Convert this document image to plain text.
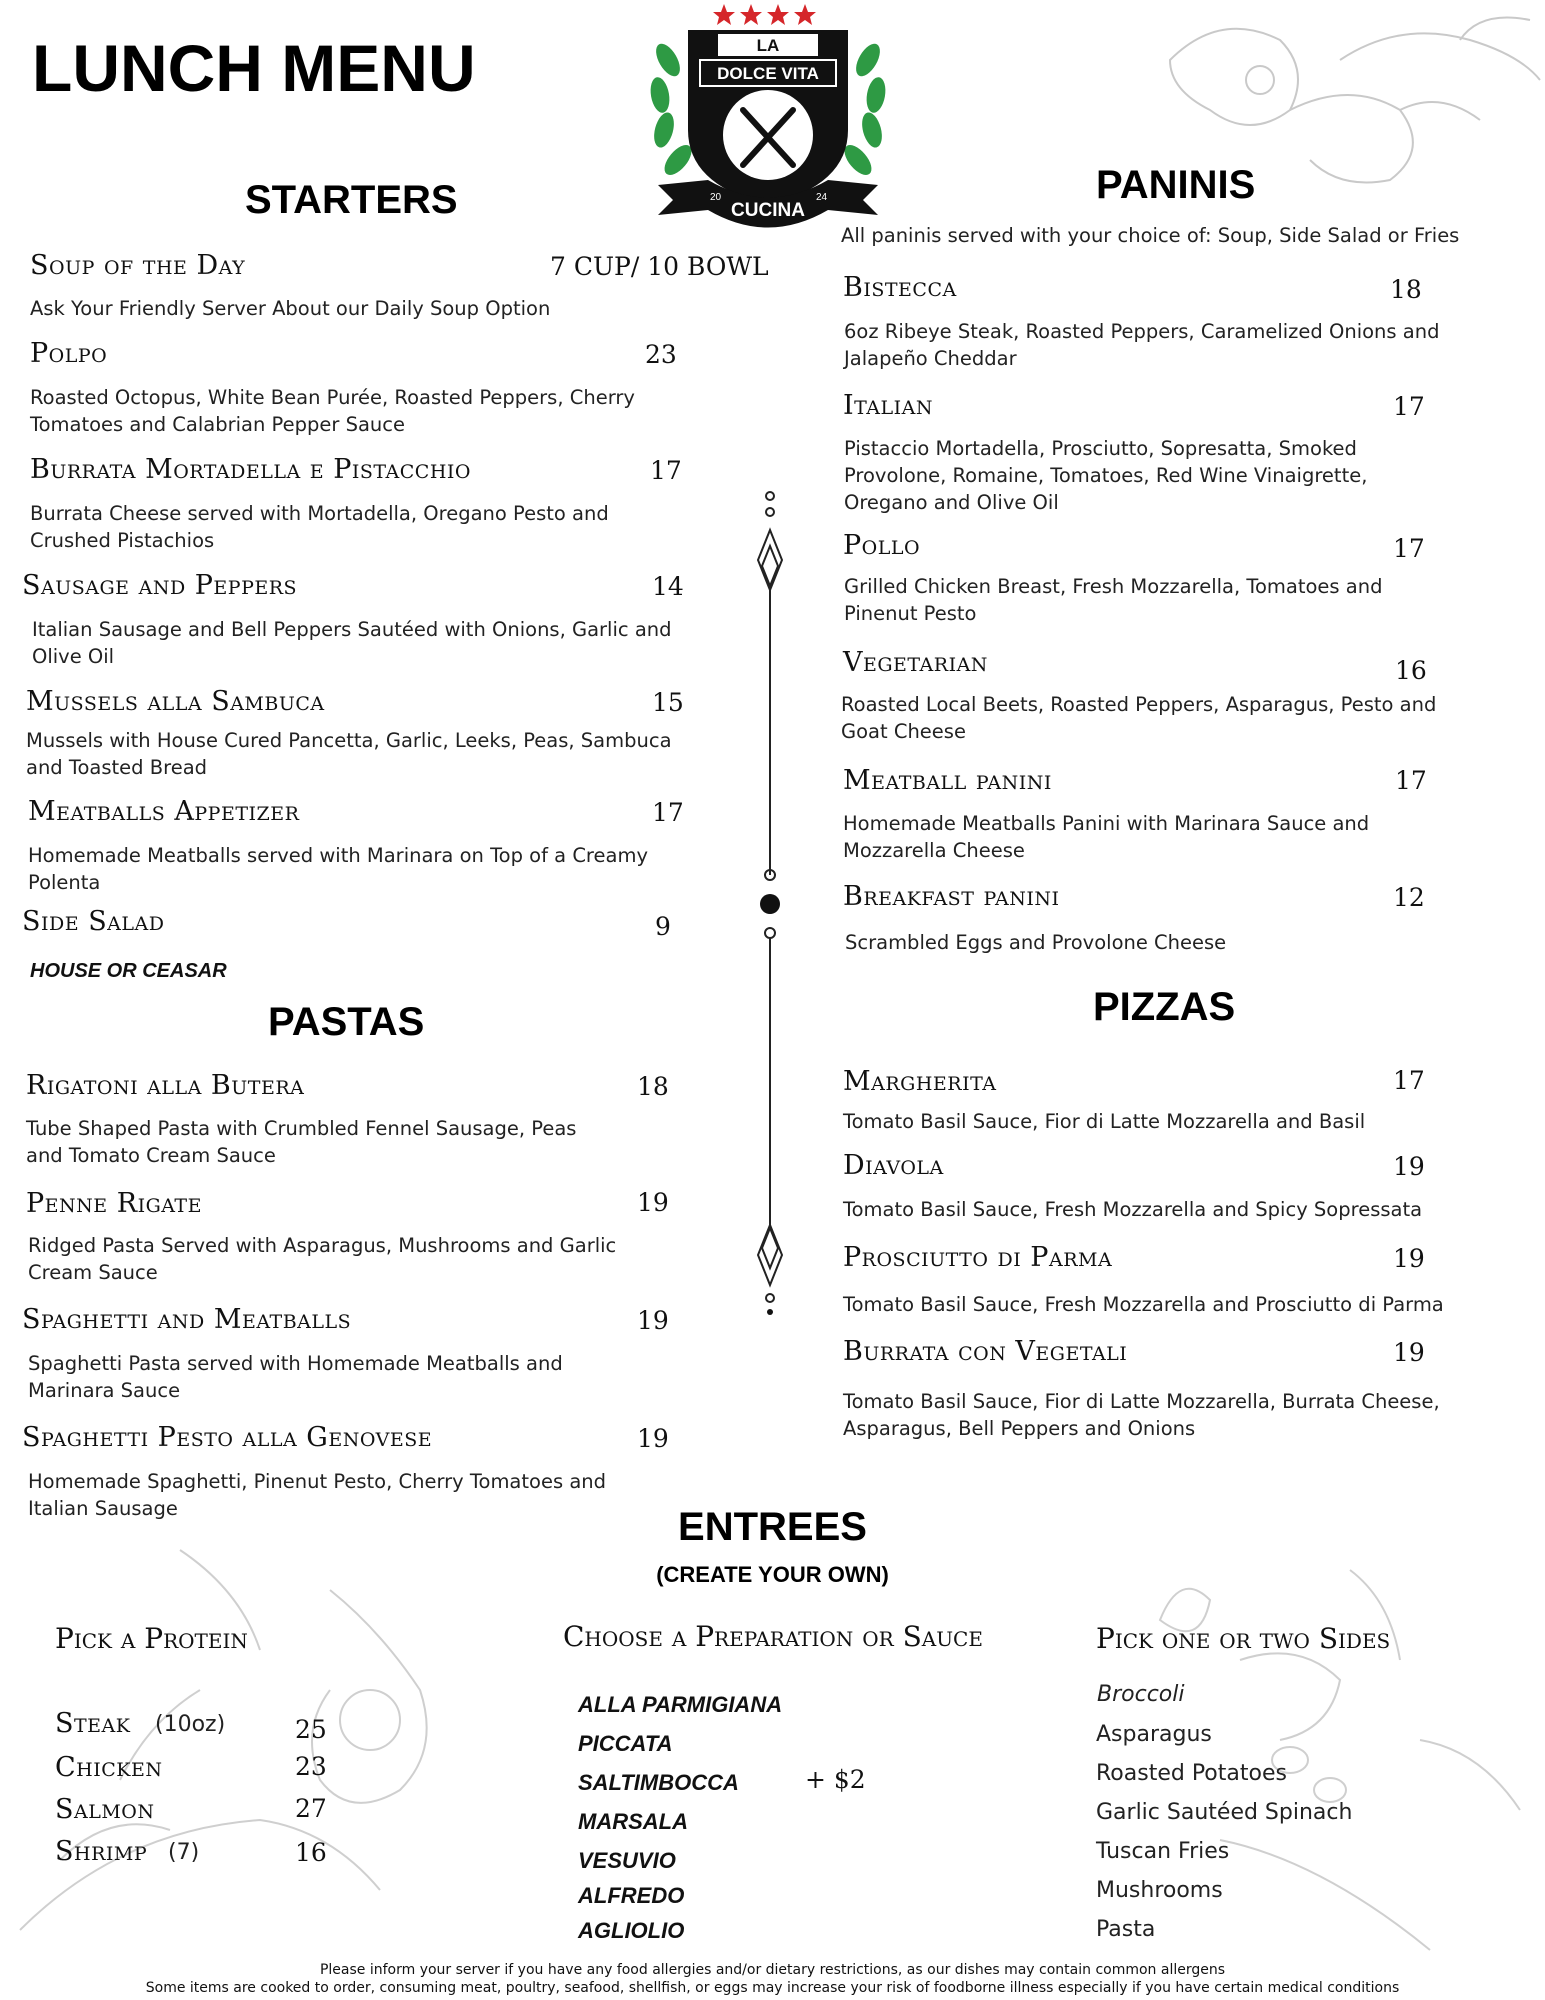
LUNCH MENU	LA
DOLCE VITA
CUCINA
20	24
STARTERS
Soup of the Day	7 CUP/ 10 BOWL
Ask Your Friendly Server About our Daily Soup Option
Polpo	23
Roasted Octopus, White Bean Purée, Roasted Peppers, Cherry Tomatoes and Calabrian Pepper Sauce
Burrata Mortadella e Pistacchio	17
Burrata Cheese served with Mortadella, Oregano Pesto and Crushed Pistachios
Sausage and Peppers	14
Italian Sausage and Bell Peppers Sautéed with Onions, Garlic and Olive Oil
Mussels alla Sambuca	15
Mussels with House Cured Pancetta, Garlic, Leeks, Peas, Sambuca and Toasted Bread
Meatballs Appetizer	17
Homemade Meatballs served with Marinara on Top of a Creamy Polenta
Side Salad	9
HOUSE OR CEASAR
PASTAS
Rigatoni alla Butera	18
Tube Shaped Pasta with Crumbled Fennel Sausage, Peas and Tomato Cream Sauce
Penne Rigate	19
Ridged Pasta Served with Asparagus, Mushrooms and Garlic Cream Sauce
Spaghetti and Meatballs	19
Spaghetti Pasta served with Homemade Meatballs and Marinara Sauce
Spaghetti Pesto alla Genovese	19
Homemade Spaghetti, Pinenut Pesto, Cherry Tomatoes and Italian Sausage
PANINIS
All paninis served with your choice of: Soup, Side Salad or Fries
Bistecca	18
6oz Ribeye Steak, Roasted Peppers, Caramelized Onions and Jalapeño Cheddar
Italian	17
Pistaccio Mortadella, Prosciutto, Sopresatta, Smoked Provolone, Romaine, Tomatoes, Red Wine Vinaigrette, Oregano and Olive Oil
Pollo	17
Grilled Chicken Breast, Fresh Mozzarella, Tomatoes and Pinenut Pesto
Vegetarian	16
Roasted Local Beets, Roasted Peppers, Asparagus, Pesto and Goat Cheese
Meatball panini	17
Homemade Meatballs Panini with Marinara Sauce and Mozzarella Cheese
Breakfast panini	12
Scrambled Eggs and Provolone Cheese
PIZZAS
Margherita	17
Tomato Basil Sauce, Fior di Latte Mozzarella and Basil
Diavola	19
Tomato Basil Sauce, Fresh Mozzarella and Spicy Sopressata
Prosciutto di Parma	19
Tomato Basil Sauce, Fresh Mozzarella and Prosciutto di Parma
Burrata con Vegetali	19
Tomato Basil Sauce, Fior di Latte Mozzarella, Burrata Cheese, Asparagus, Bell Peppers and Onions
ENTREES
(CREATE YOUR OWN)
Pick a Protein
Steak (10oz)	25
Chicken	23
Salmon	27
Shrimp (7)	16
Choose a Preparation or Sauce
ALLA PARMIGIANA
PICCATA
SALTIMBOCCA	+ $2
MARSALA
VESUVIO
ALFREDO
AGLIOLIO
Pick one or two Sides
Broccoli
Asparagus
Roasted Potatoes
Garlic Sautéed Spinach
Tuscan Fries
Mushrooms
Pasta
Please inform your server if you have any food allergies and/or dietary restrictions, as our dishes may contain common allergens
Some items are cooked to order, consuming meat, poultry, seafood, shellfish, or eggs may increase your risk of foodborne illness especially if you have certain medical conditions
